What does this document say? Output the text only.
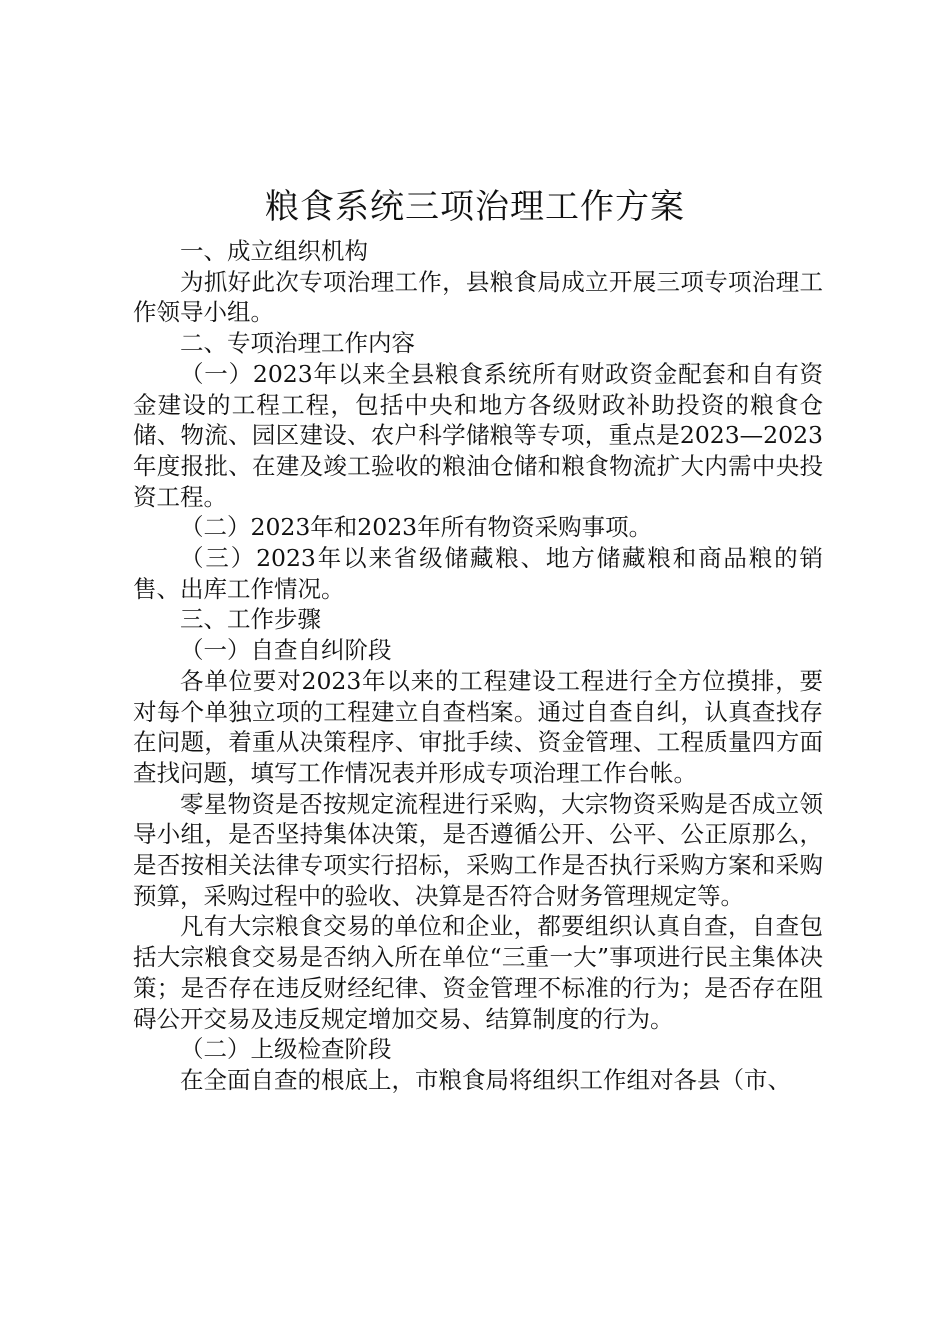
粮食系统三项治理工作方案

一、成立组织机构

为抓好此次专项治理工作，县粮食局成立开展三项专项治理工作领导小组。

二、专项治理工作内容

（一）2023年以来全县粮食系统所有财政资金配套和自有资金建设的工程工程，包括中央和地方各级财政补助投资的粮食仓储、物流、园区建设、农户科学储粮等专项，重点是2023—2023年度报批、在建及竣工验收的粮油仓储和粮食物流扩大内需中央投资工程。

（二）2023年和2023年所有物资采购事项。

（三）2023年以来省级储藏粮、地方储藏粮和商品粮的销售、出库工作情况。

三、工作步骤

（一）自查自纠阶段

各单位要对2023年以来的工程建设工程进行全方位摸排，要对每个单独立项的工程建立自查档案。通过自查自纠，认真查找存在问题，着重从决策程序、审批手续、资金管理、工程质量四方面查找问题，填写工作情况表并形成专项治理工作台帐。

零星物资是否按规定流程进行采购，大宗物资采购是否成立领导小组，是否坚持集体决策，是否遵循公开、公平、公正原那么，是否按相关法律专项实行招标，采购工作是否执行采购方案和采购预算，采购过程中的验收、决算是否符合财务管理规定等。

凡有大宗粮食交易的单位和企业，都要组织认真自查，自查包括大宗粮食交易是否纳入所在单位“三重一大”事项进行民主集体决策；是否存在违反财经纪律、资金管理不标准的行为；是否存在阻碍公开交易及违反规定增加交易、结算制度的行为。

（二）上级检查阶段

在全面自查的根底上，市粮食局将组织工作组对各县（市、
